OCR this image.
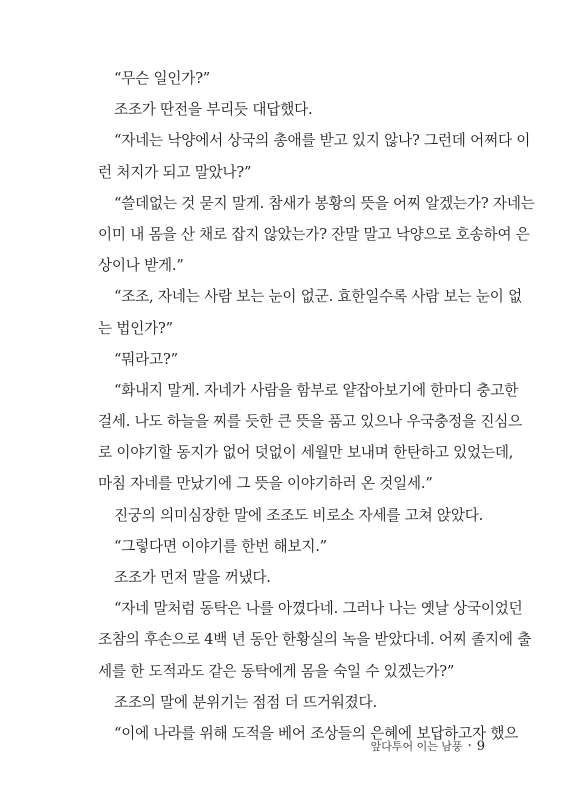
“무슨 일인가?”
조조가 딴전을 부리듯 대답했다.
“자네는 낙양에서 상국의 총애를 받고 있지 않나? 그런데 어쩌다 이
런 처지가 되고 말았나?”
“쓸데없는 것 묻지 말게. 참새가 봉황의 뜻을 어찌 알겠는가? 자네는
이미 내 몸을 산 채로 잡지 않았는가? 잔말 말고 낙양으로 호송하여 은
상이나 받게.”
“조조, 자네는 사람 보는 눈이 없군. 효한일수록 사람 보는 눈이 없
는 법인가?”
“뭐라고?”
“화내지 말게. 자네가 사람을 함부로 얕잡아보기에 한마디 충고한
걸세. 나도 하늘을 찌를 듯한 큰 뜻을 품고 있으나 우국충정을 진심으
로 이야기할 동지가 없어 덧없이 세월만 보내며 한탄하고 있었는데,
마침 자네를 만났기에 그 뜻을 이야기하러 온 것일세.”
진궁의 의미심장한 말에 조조도 비로소 자세를 고쳐 앉았다.
“그렇다면 이야기를 한번 해보지.”
조조가 먼저 말을 꺼냈다.
“자네 말처럼 동탁은 나를 아꼈다네. 그러나 나는 옛날 상국이었던
조참의 후손으로 4백 년 동안 한황실의 녹을 받았다네. 어찌 졸지에 출
세를 한 도적과도 같은 동탁에게 몸을 숙일 수 있겠는가?”
조조의 말에 분위기는 점점 더 뜨거워졌다.
“이에 나라를 위해 도적을 베어 조상들의 은혜에 보답하고자 했으
앞다투어 이는 남풍 • 9
